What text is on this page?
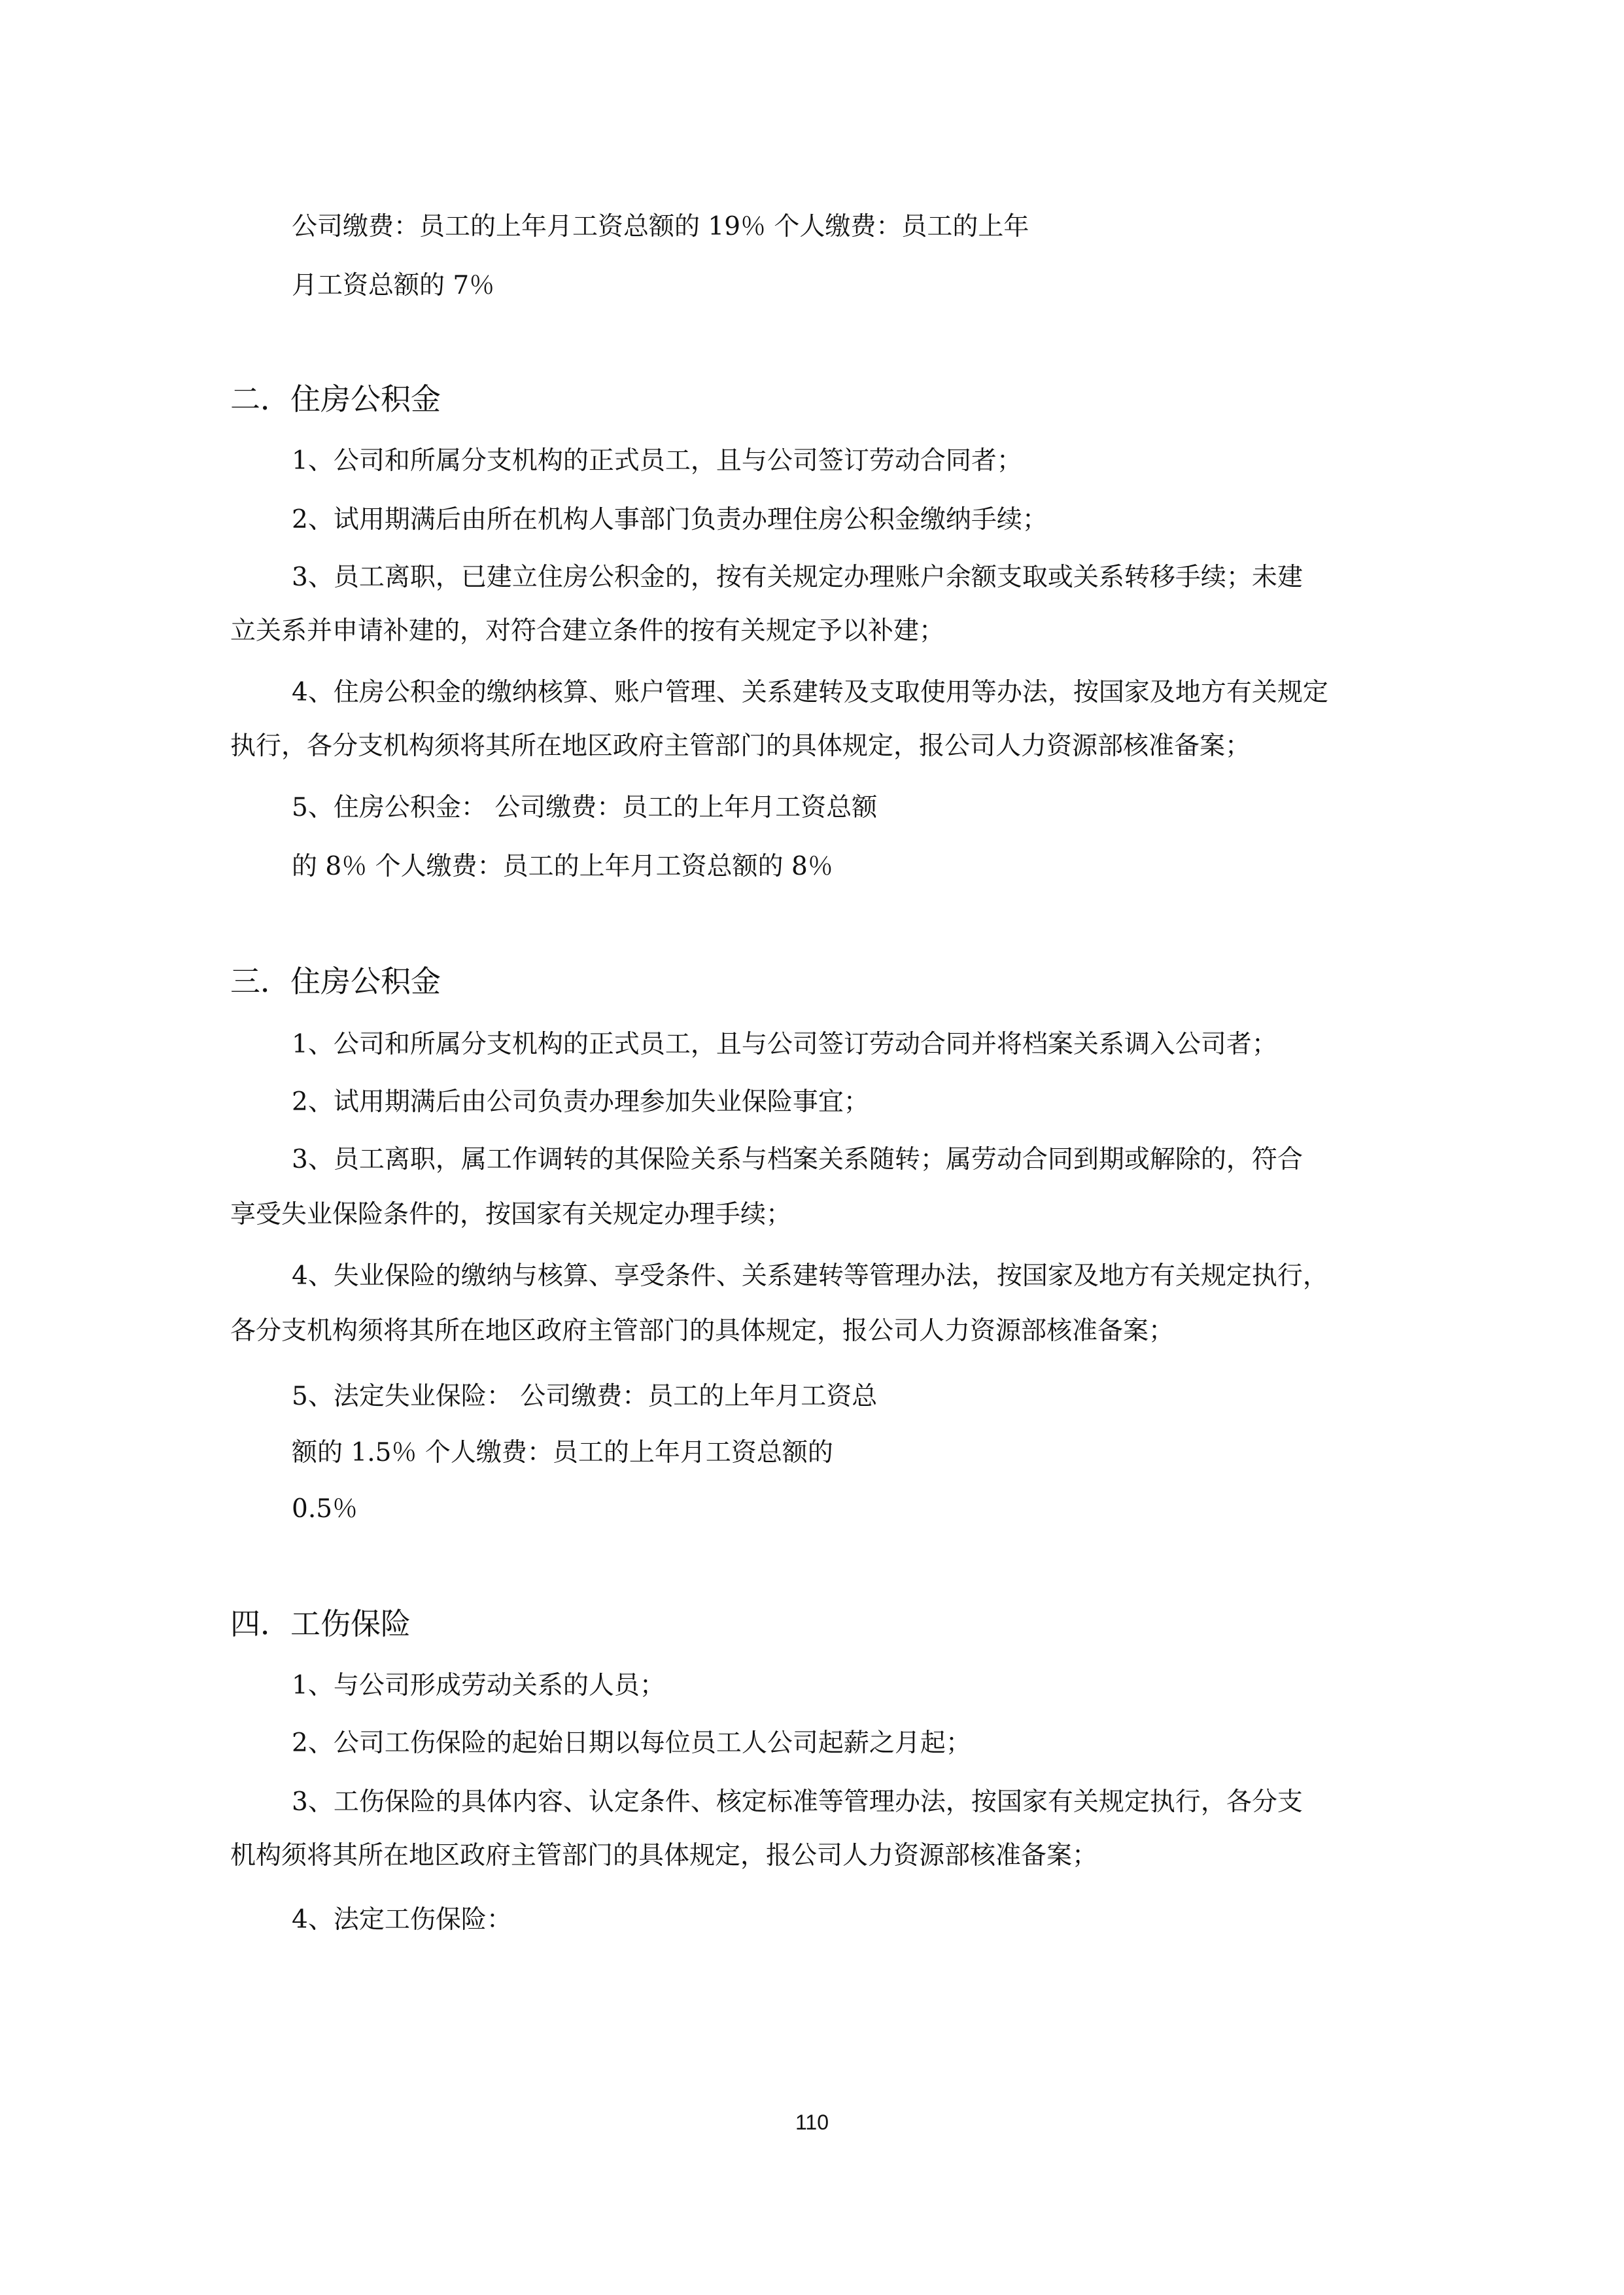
公司缴费：员工的上年月工资总额的 19％ 个人缴费：员工的上年
月工资总额的 7％
二．住房公积金
1、公司和所属分支机构的正式员工，且与公司签订劳动合同者；
2、试用期满后由所在机构人事部门负责办理住房公积金缴纳手续；
3、员工离职，已建立住房公积金的，按有关规定办理账户余额支取或关系转移手续；未建
立关系并申请补建的，对符合建立条件的按有关规定予以补建；
4、住房公积金的缴纳核算、账户管理、关系建转及支取使用等办法，按国家及地方有关规定
执行，各分支机构须将其所在地区政府主管部门的具体规定，报公司人力资源部核准备案；
5、住房公积金： 公司缴费：员工的上年月工资总额
的 8％ 个人缴费：员工的上年月工资总额的 8％
三．住房公积金
1、公司和所属分支机构的正式员工，且与公司签订劳动合同并将档案关系调入公司者；
2、试用期满后由公司负责办理参加失业保险事宜；
3、员工离职，属工作调转的其保险关系与档案关系随转；属劳动合同到期或解除的，符合
享受失业保险条件的，按国家有关规定办理手续；
4、失业保险的缴纳与核算、享受条件、关系建转等管理办法，按国家及地方有关规定执行，
各分支机构须将其所在地区政府主管部门的具体规定，报公司人力资源部核准备案；
5、法定失业保险： 公司缴费：员工的上年月工资总
额的 1.5％ 个人缴费：员工的上年月工资总额的
0.5％
四．工伤保险
1、与公司形成劳动关系的人员；
2、公司工伤保险的起始日期以每位员工人公司起薪之月起；
3、工伤保险的具体内容、认定条件、核定标准等管理办法，按国家有关规定执行，各分支
机构须将其所在地区政府主管部门的具体规定，报公司人力资源部核准备案；
4、法定工伤保险：
110
